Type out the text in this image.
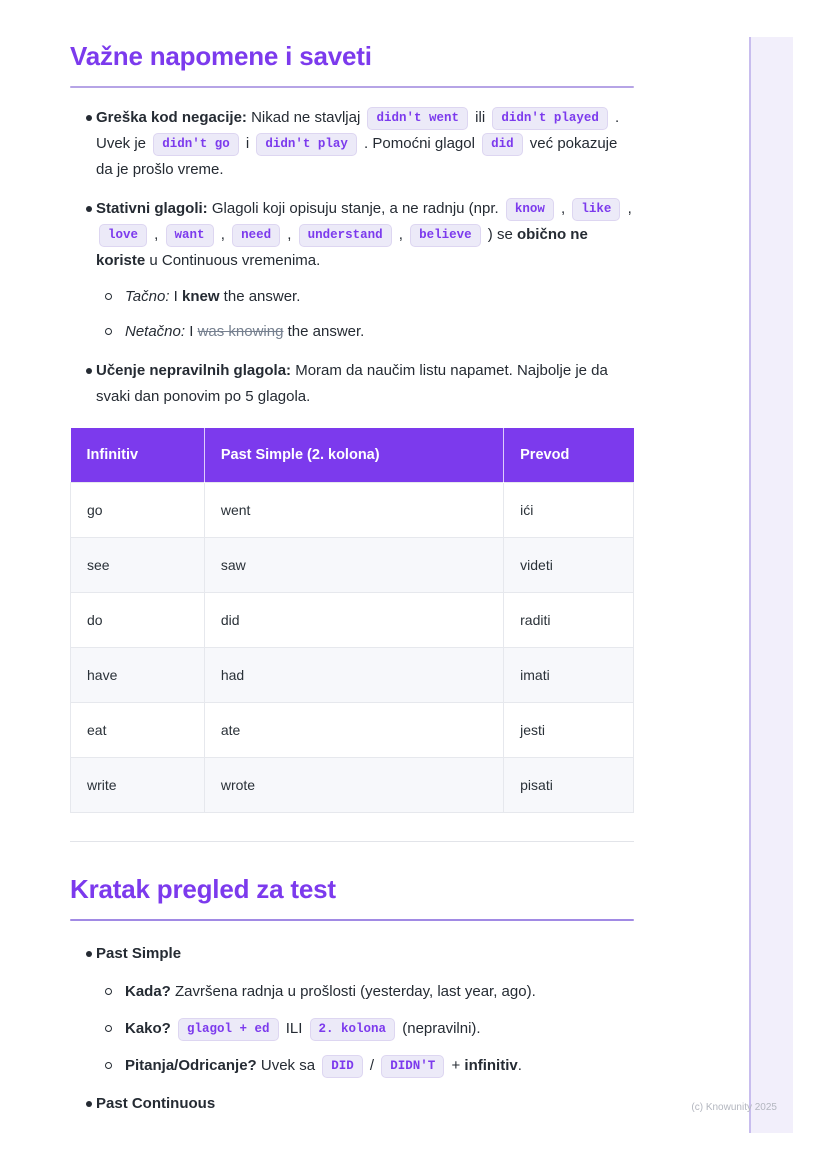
Važne napomene i saveti
Greška kod negacije: Nikad ne stavljaj didn't went ili didn't played . Uvek je didn't go i didn't play . Pomoćni glagol did već pokazuje da je prošlo vreme.
Stativni glagoli: Glagoli koji opisuju stanje, a ne radnju (npr. know , like , love , want , need , understand , believe ) se obično ne koriste u Continuous vremenima.
Tačno: I knew the answer.
Netačno: I was knowing the answer.
Učenje nepravilnih glagola: Moram da naučim listu napamet. Najbolje je da svaki dan ponovim po 5 glagola.
Infinitiv	Past Simple (2. kolona)	Prevod
go	went	ići
see	saw	videti
do	did	raditi
have	had	imati
eat	ate	jesti
write	wrote	pisati
Kratak pregled za test
Past Simple
Kada? Završena radnja u prošlosti (yesterday, last year, ago).
Kako? glagol + ed ILI 2. kolona (nepravilni).
Pitanja/Odricanje? Uvek sa DID / DIDN'T + infinitiv.
Past Continuous	(c) Knowunity 2025
